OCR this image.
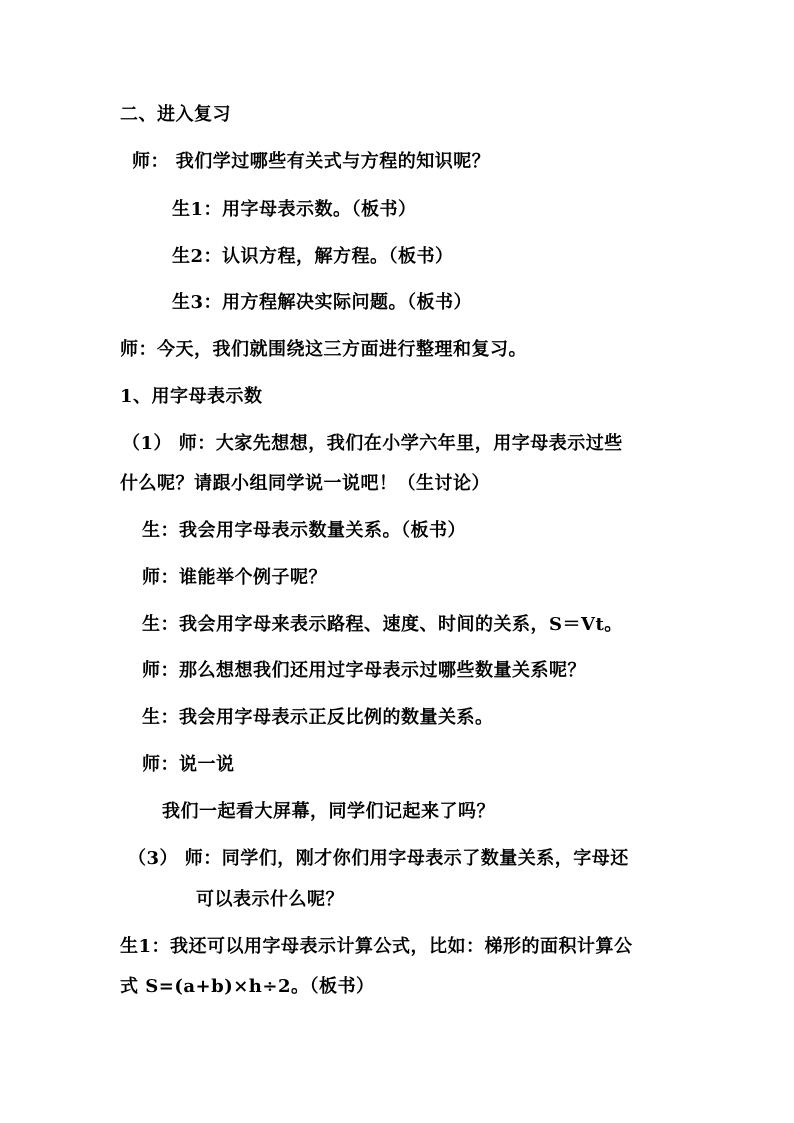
二、进入复习
师： 我们学过哪些有关式与方程的知识呢？
生1：用字母表示数。（板书）
生2：认识方程，解方程。（板书）
生3：用方程解决实际问题。（板书）
师：今天，我们就围绕这三方面进行整理和复习。
1、用字母表示数
（1） 师：大家先想想，我们在小学六年里，用字母表示过些
什么呢？请跟小组同学说一说吧！（生讨论）
生：我会用字母表示数量关系。（板书）
师：谁能举个例子呢？
生：我会用字母来表示路程、速度、时间的关系，S＝Vt。
师：那么想想我们还用过字母表示过哪些数量关系呢？
生：我会用字母表示正反比例的数量关系。
师：说一说
我们一起看大屏幕，同学们记起来了吗？
（3） 师：同学们，刚才你们用字母表示了数量关系，字母还
可以表示什么呢？
生1：我还可以用字母表示计算公式，比如：梯形的面积计算公
式 S=(a+b)×h÷2。（板书）
